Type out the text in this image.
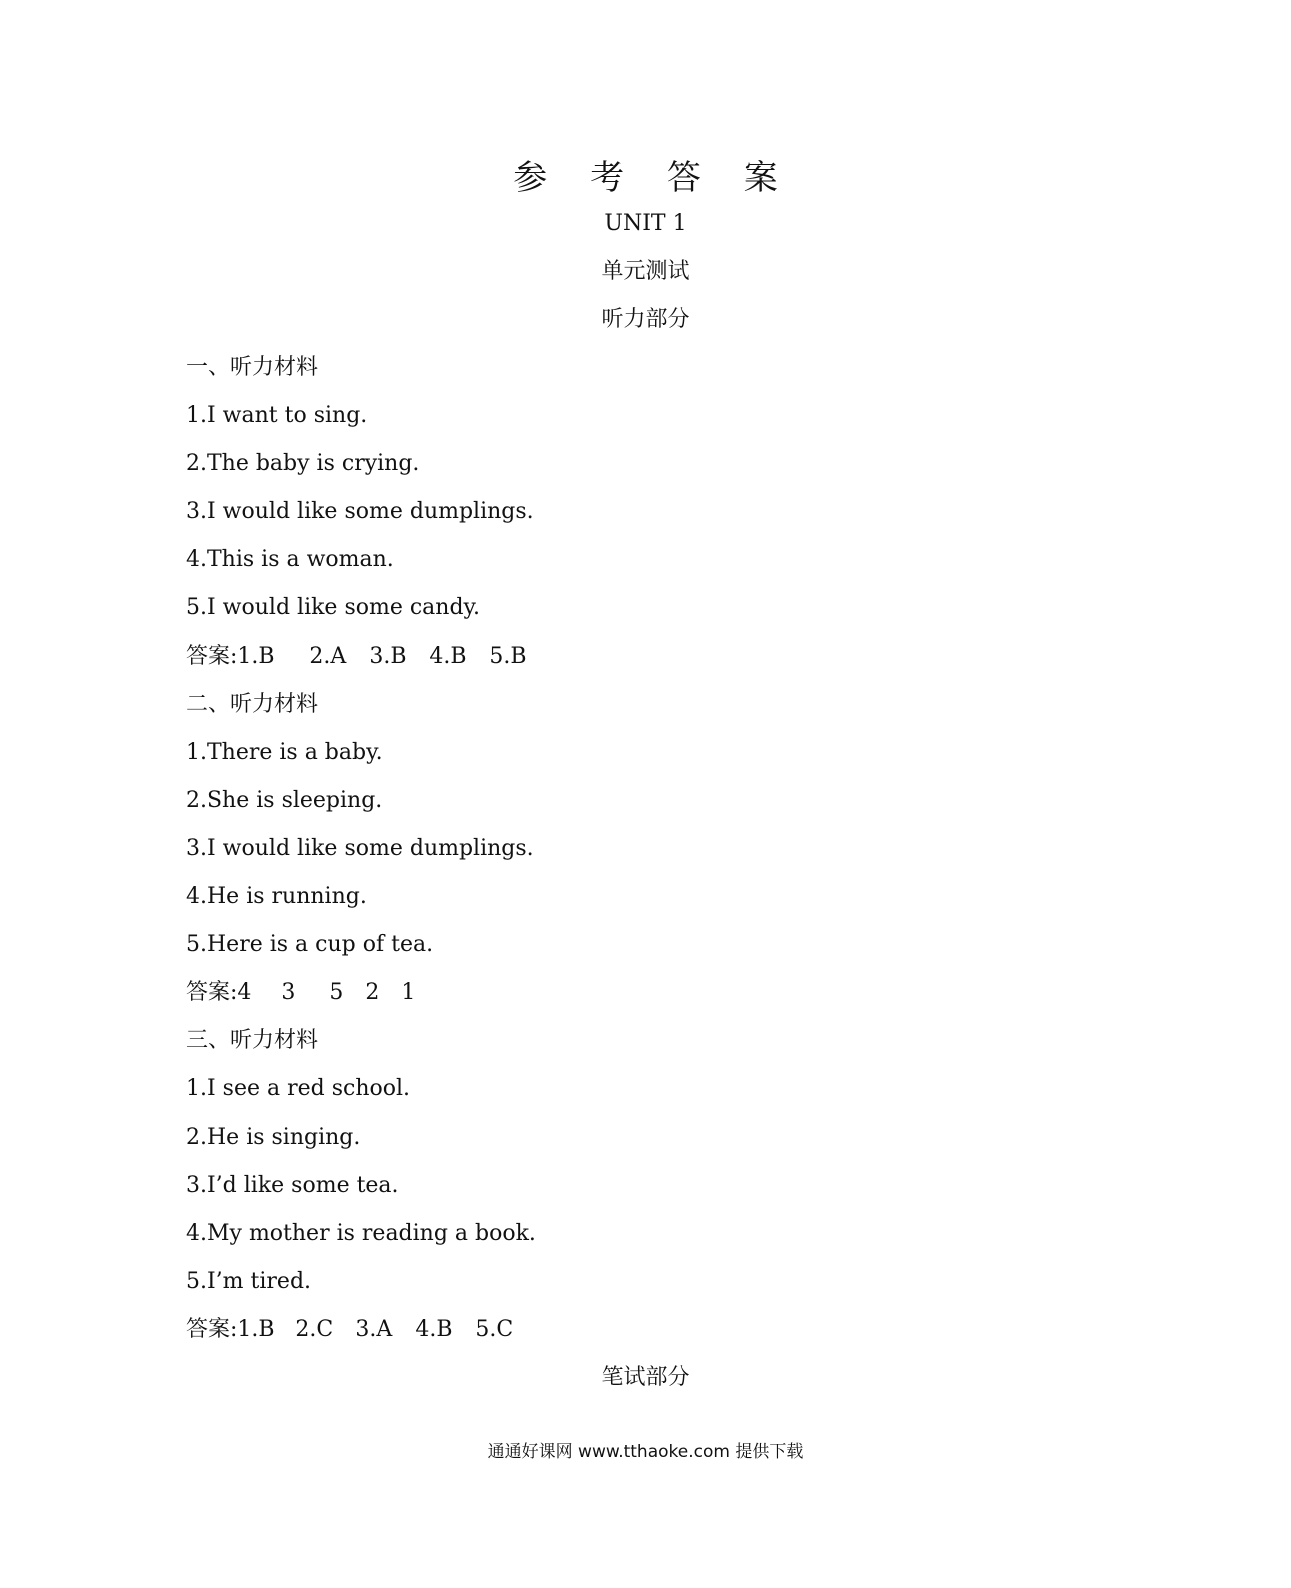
参 考 答 案
UNIT 1
单元测试
听力部分
一、听力材料
1.I want to sing.
2.The baby is crying.
3.I would like some dumplings.
4.This is a woman.
5.I would like some candy.
答案:1.B 2.A 3.B 4.B 5.B
二、听力材料
1.There is a baby.
2.She is sleeping.
3.I would like some dumplings.
4.He is running.
5.Here is a cup of tea.
答案:4 3 5 2 1
三、听力材料
1.I see a red school.
2.He is singing.
3.I’d like some tea.
4.My mother is reading a book.
5.I’m tired.
答案:1.B 2.C 3.A 4.B 5.C
笔试部分
通通好课网 www.tthaoke.com 提供下载
